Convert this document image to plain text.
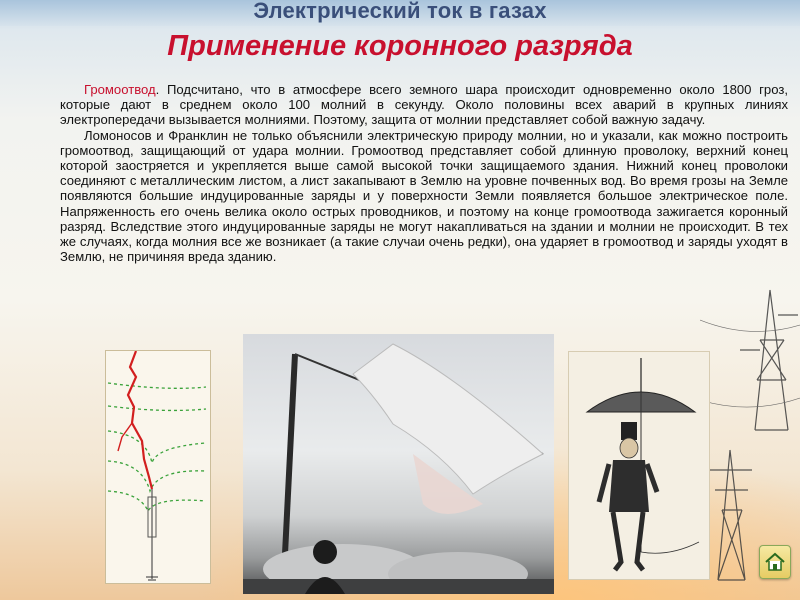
Электрический ток в газах
Применение коронного разряда

Громоотвод. Подсчитано, что в атмосфере всего земного шара происходит одновременно около 1800 гроз, которые дают в среднем около 100 молний в секунду. Около половины всех аварий в крупных линиях электропередачи вызывается молниями. Поэтому, защита от молнии представляет собой важную задачу.

Ломоносов и Франклин не только объяснили электрическую природу молнии, но и указали, как можно построить громоотвод, защищающий от удара молнии. Громоотвод представляет собой длинную проволоку, верхний конец которой заостряется и укрепляется выше самой высокой точки защищаемого здания. Нижний конец проволоки соединяют с металлическим листом, а лист закапывают в Землю на уровне почвенных вод. Во время грозы на Земле появляются большие индуцированные заряды и у поверхности Земли появляется большое электрическое поле. Напряженность его очень велика около острых проводников, и поэтому на конце громоотвода зажигается коронный разряд. Вследствие этого индуцированные заряды не могут накапливаться на здании и молнии не происходит. В тех же случаях, когда молния все же возникает (а такие случаи очень редки), она ударяет в громоотвод и заряды уходят в Землю, не причиняя вреда зданию.
